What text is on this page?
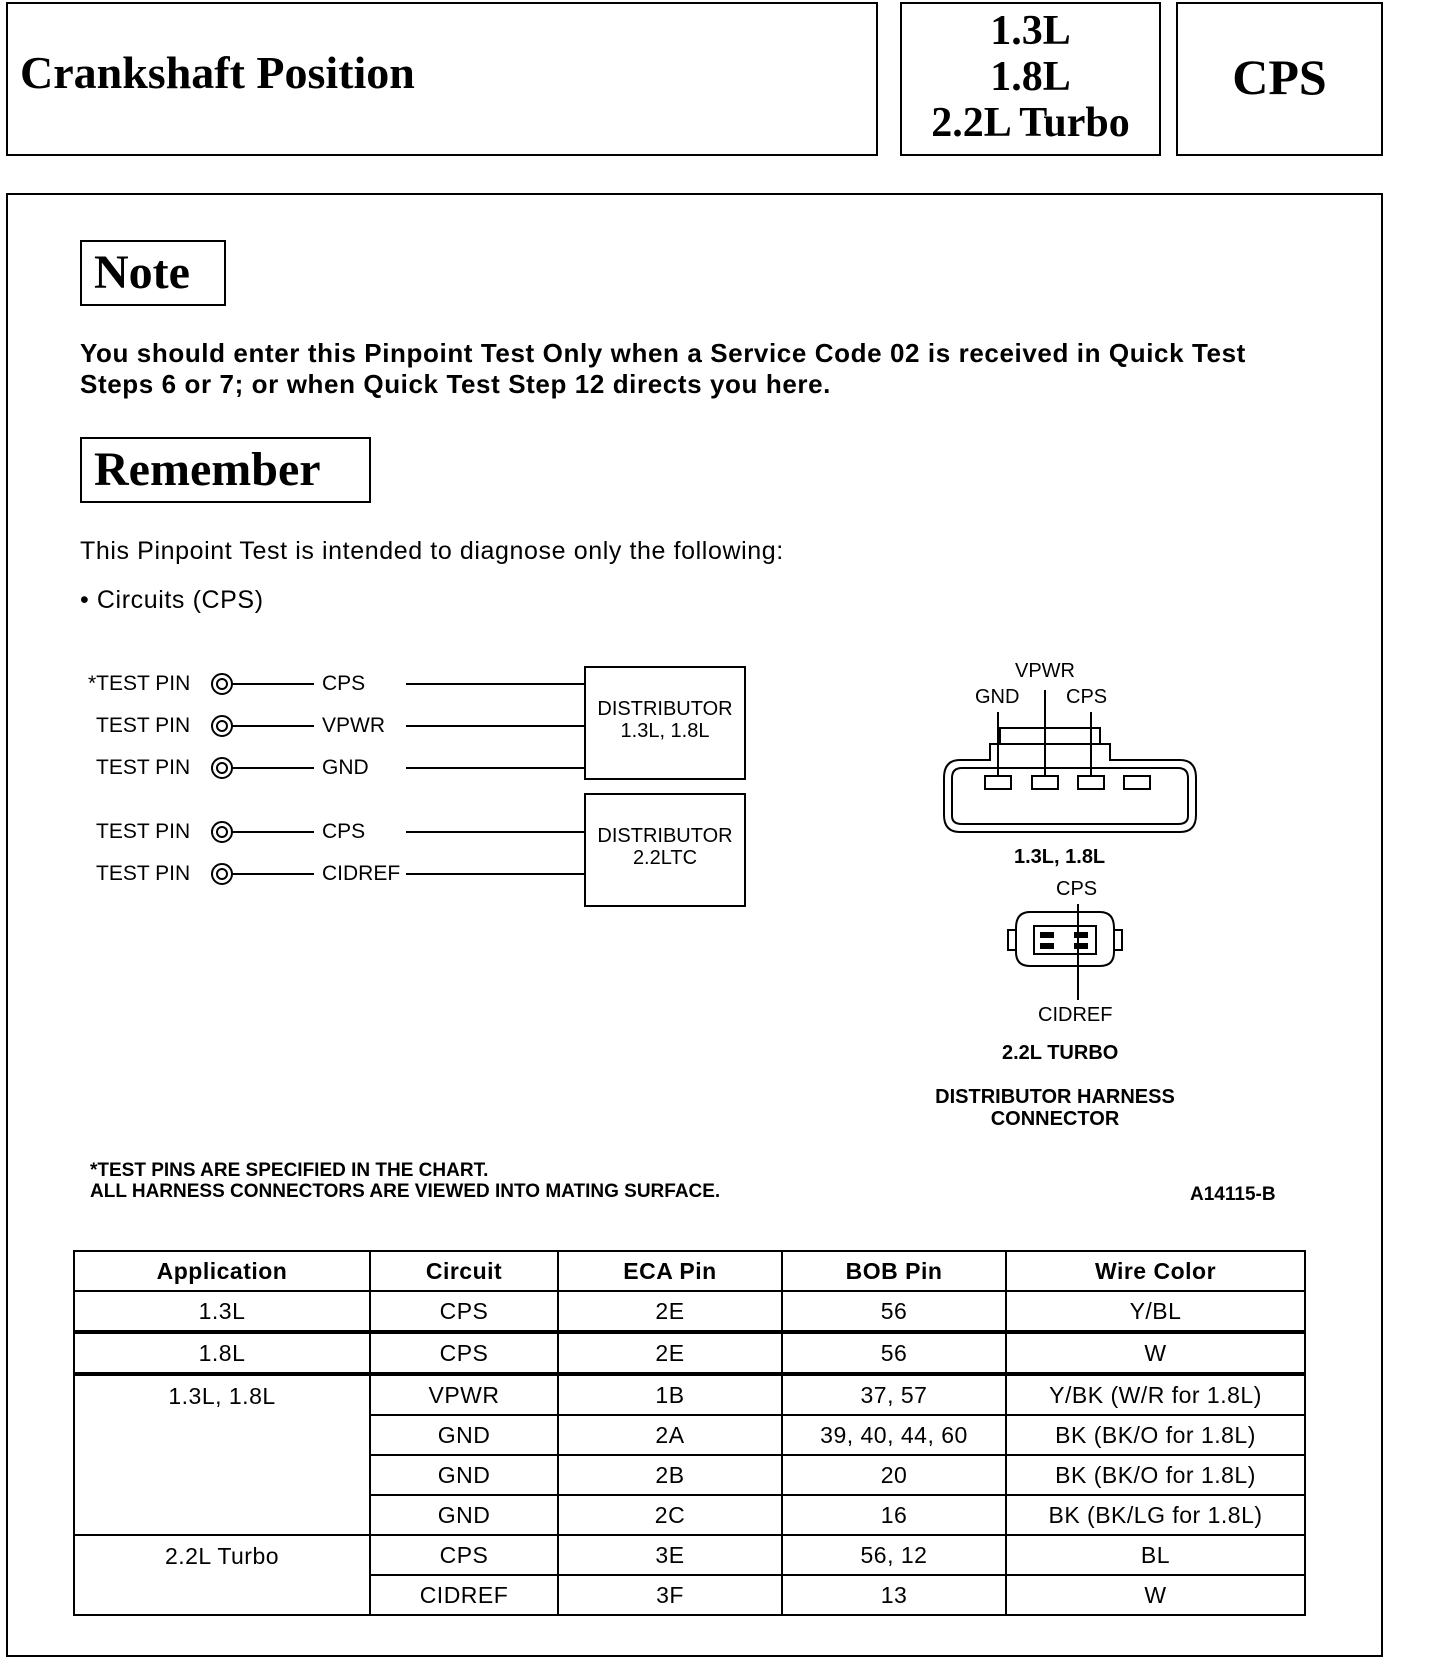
Crankshaft Position
1.3L
1.8L
2.2L Turbo
CPS
Note
You should enter this Pinpoint Test Only when a Service Code 02 is received in Quick Test Steps 6 or 7; or when Quick Test Step 12 directs you here.
Remember
This Pinpoint Test is intended to diagnose only the following:
• Circuits (CPS)
*TEST PIN
TEST PIN
TEST PIN
TEST PIN
TEST PIN
CPS
VPWR
GND
CPS
CIDREF
DISTRIBUTOR
1.3L, 1.8L
DISTRIBUTOR
2.2LTC
VPWR
GND CPS
1.3L, 1.8L
CPS
CIDREF
2.2L TURBO
DISTRIBUTOR HARNESS
CONNECTOR
*TEST PINS ARE SPECIFIED IN THE CHART.
ALL HARNESS CONNECTORS ARE VIEWED INTO MATING SURFACE.	A14115-B
Application	Circuit	ECA Pin	BOB Pin	Wire Color
1.3L	CPS	2E	56	Y/BL
1.8L	CPS	2E	56	W
1.3L, 1.8L	VPWR	1B	37, 57	Y/BK (W/R for 1.8L)
	GND	2A	39, 40, 44, 60	BK (BK/O for 1.8L)
	GND	2B	20	BK (BK/O for 1.8L)
	GND	2C	16	BK (BK/LG for 1.8L)
2.2L Turbo	CPS	3E	56, 12	BL
	CIDREF	3F	13	W
